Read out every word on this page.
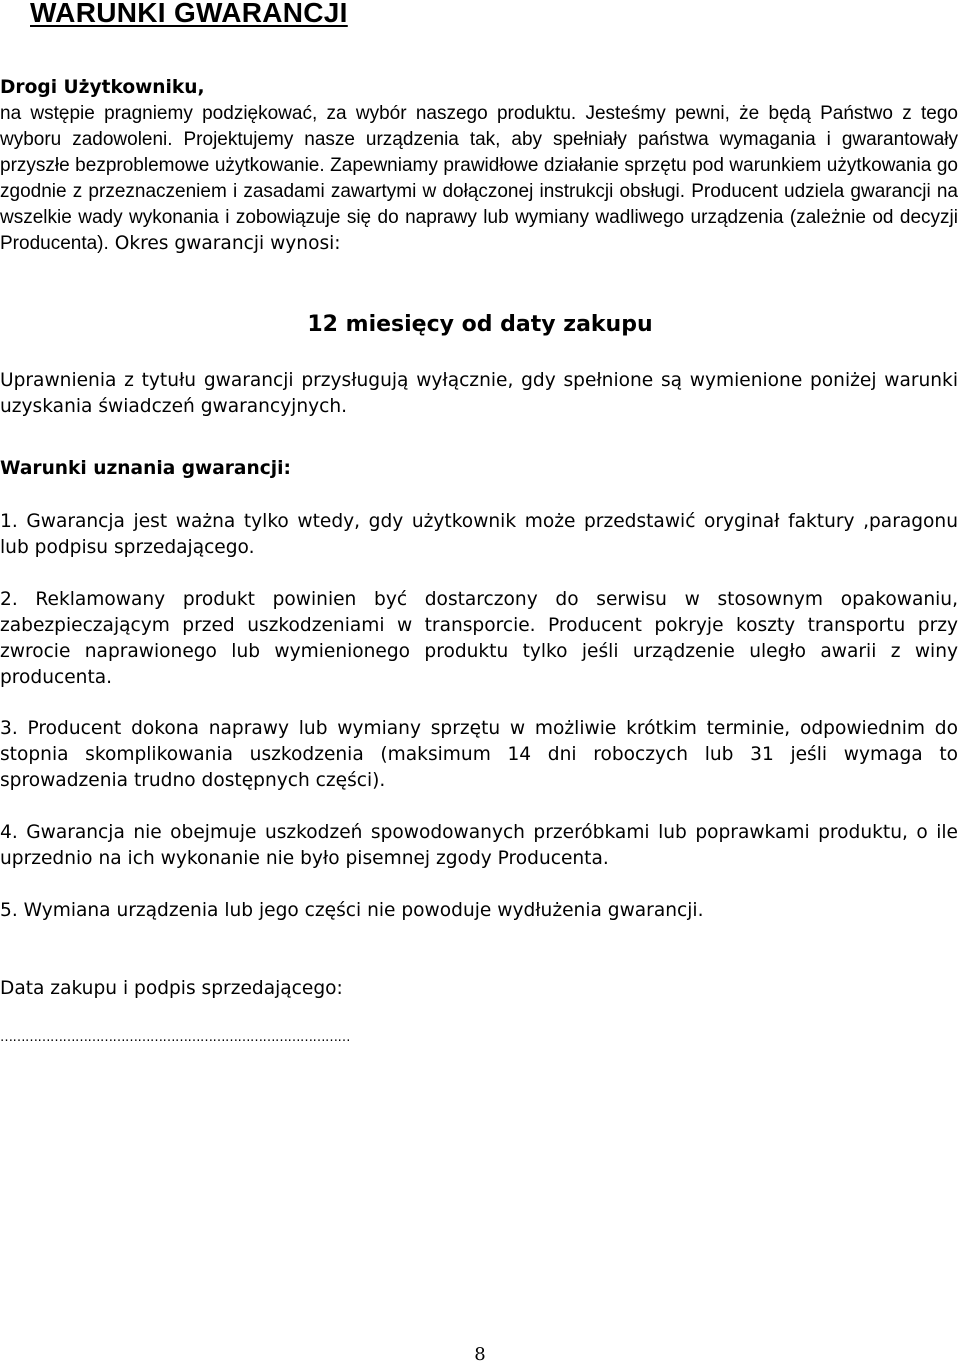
WARUNKI GWARANCJI

Drogi Użytkowniku,
na wstępie pragniemy podziękować, za wybór naszego produktu. Jesteśmy pewni, że będą Państwo z tego wyboru zadowoleni. Projektujemy nasze urządzenia tak, aby spełniały państwa wymagania i gwarantowały przyszłe bezproblemowe użytkowanie. Zapewniamy prawidłowe działanie sprzętu pod warunkiem użytkowania go zgodnie z przeznaczeniem i zasadami zawartymi w dołączonej instrukcji obsługi. Producent udziela gwarancji na wszelkie wady wykonania i zobowiązuje się do naprawy lub wymiany wadliwego urządzenia (zależnie od decyzji Producenta). Okres gwarancji wynosi:

12 miesięcy od daty zakupu

Uprawnienia z tytułu gwarancji przysługują wyłącznie, gdy spełnione są wymienione poniżej warunki uzyskania świadczeń gwarancyjnych.

Warunki uznania gwarancji:

1. Gwarancja jest ważna tylko wtedy, gdy użytkownik może przedstawić oryginał faktury ,paragonu lub podpisu sprzedającego.

2. Reklamowany produkt powinien być dostarczony do serwisu w stosownym opakowaniu, zabezpieczającym przed uszkodzeniami w transporcie. Producent pokryje koszty transportu przy zwrocie naprawionego lub wymienionego produktu tylko jeśli urządzenie uległo awarii z winy producenta.

3. Producent dokona naprawy lub wymiany sprzętu w możliwie krótkim terminie, odpowiednim do stopnia skomplikowania uszkodzenia (maksimum 14 dni roboczych lub 31 jeśli wymaga to sprowadzenia trudno dostępnych części).

4. Gwarancja nie obejmuje uszkodzeń spowodowanych przeróbkami lub poprawkami produktu, o ile uprzednio na ich wykonanie nie było pisemnej zgody Producenta.

5. Wymiana urządzenia lub jego części nie powoduje wydłużenia gwarancji.

Data zakupu i podpis sprzedającego:

…………………………………………………………………………
8
